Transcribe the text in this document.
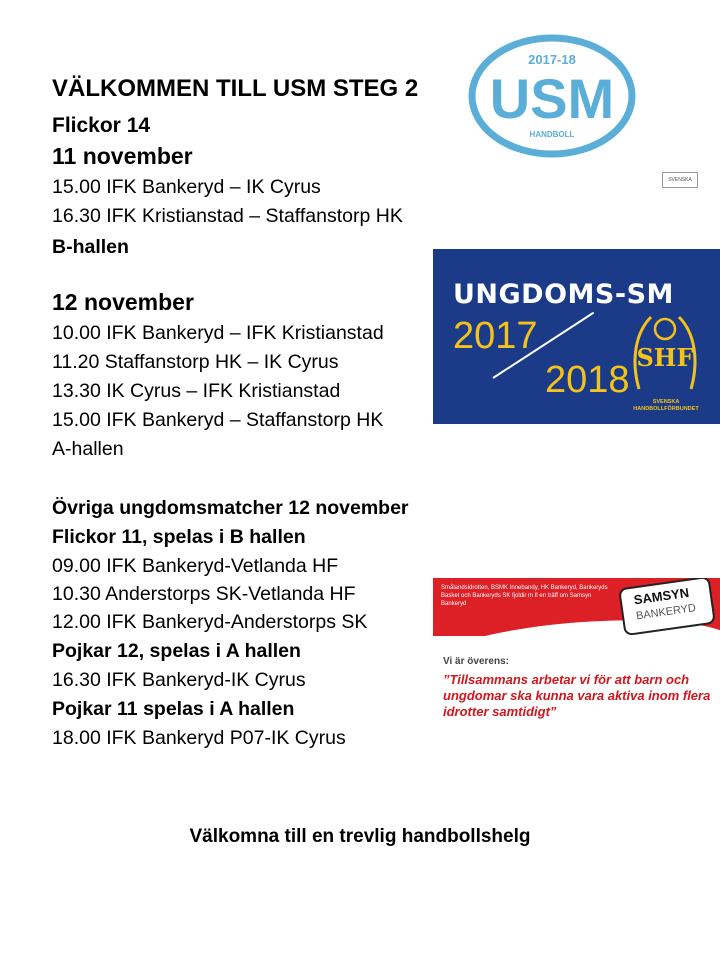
VÄLKOMMEN TILL USM STEG 2
Flickor 14
11 november
15.00 IFK Bankeryd – IK Cyrus
16.30 IFK Kristianstad – Staffanstorp HK
B-hallen
12 november
10.00 IFK Bankeryd – IFK Kristianstad
11.20 Staffanstorp HK – IK Cyrus
13.30 IK Cyrus – IFK Kristianstad
15.00 IFK Bankeryd – Staffanstorp HK
A-hallen
Övriga ungdomsmatcher 12 november
Flickor 11, spelas i B hallen
09.00 IFK Bankeryd-Vetlanda HF
10.30 Anderstorps SK-Vetlanda HF
12.00 IFK Bankeryd-Anderstorps SK
Pojkar 12, spelas i A hallen
16.30 IFK Bankeryd-IK Cyrus
Pojkar 11 spelas i A hallen
18.00 IFK Bankeryd P07-IK Cyrus
Välkomna till en trevlig handbollshelg
2017-18
USM
HANDBOLL
SVENSKA
UNGDOMS-SM
2017
2018
SHF
SVENSKA HANDBOLLFÖRBUNDET
Smålandsidrotten, BSMK Innebandy, HK Bankeryd, Bankeryds Basket och Bankeryds SK fjoldir m fl en träff om Samsyn Bankeryd	SAMSYN
BANKERYD
Vi är överens:
”Tillsammans arbetar vi för att barn och ungdomar ska kunna vara aktiva inom flera idrotter samtidigt”
